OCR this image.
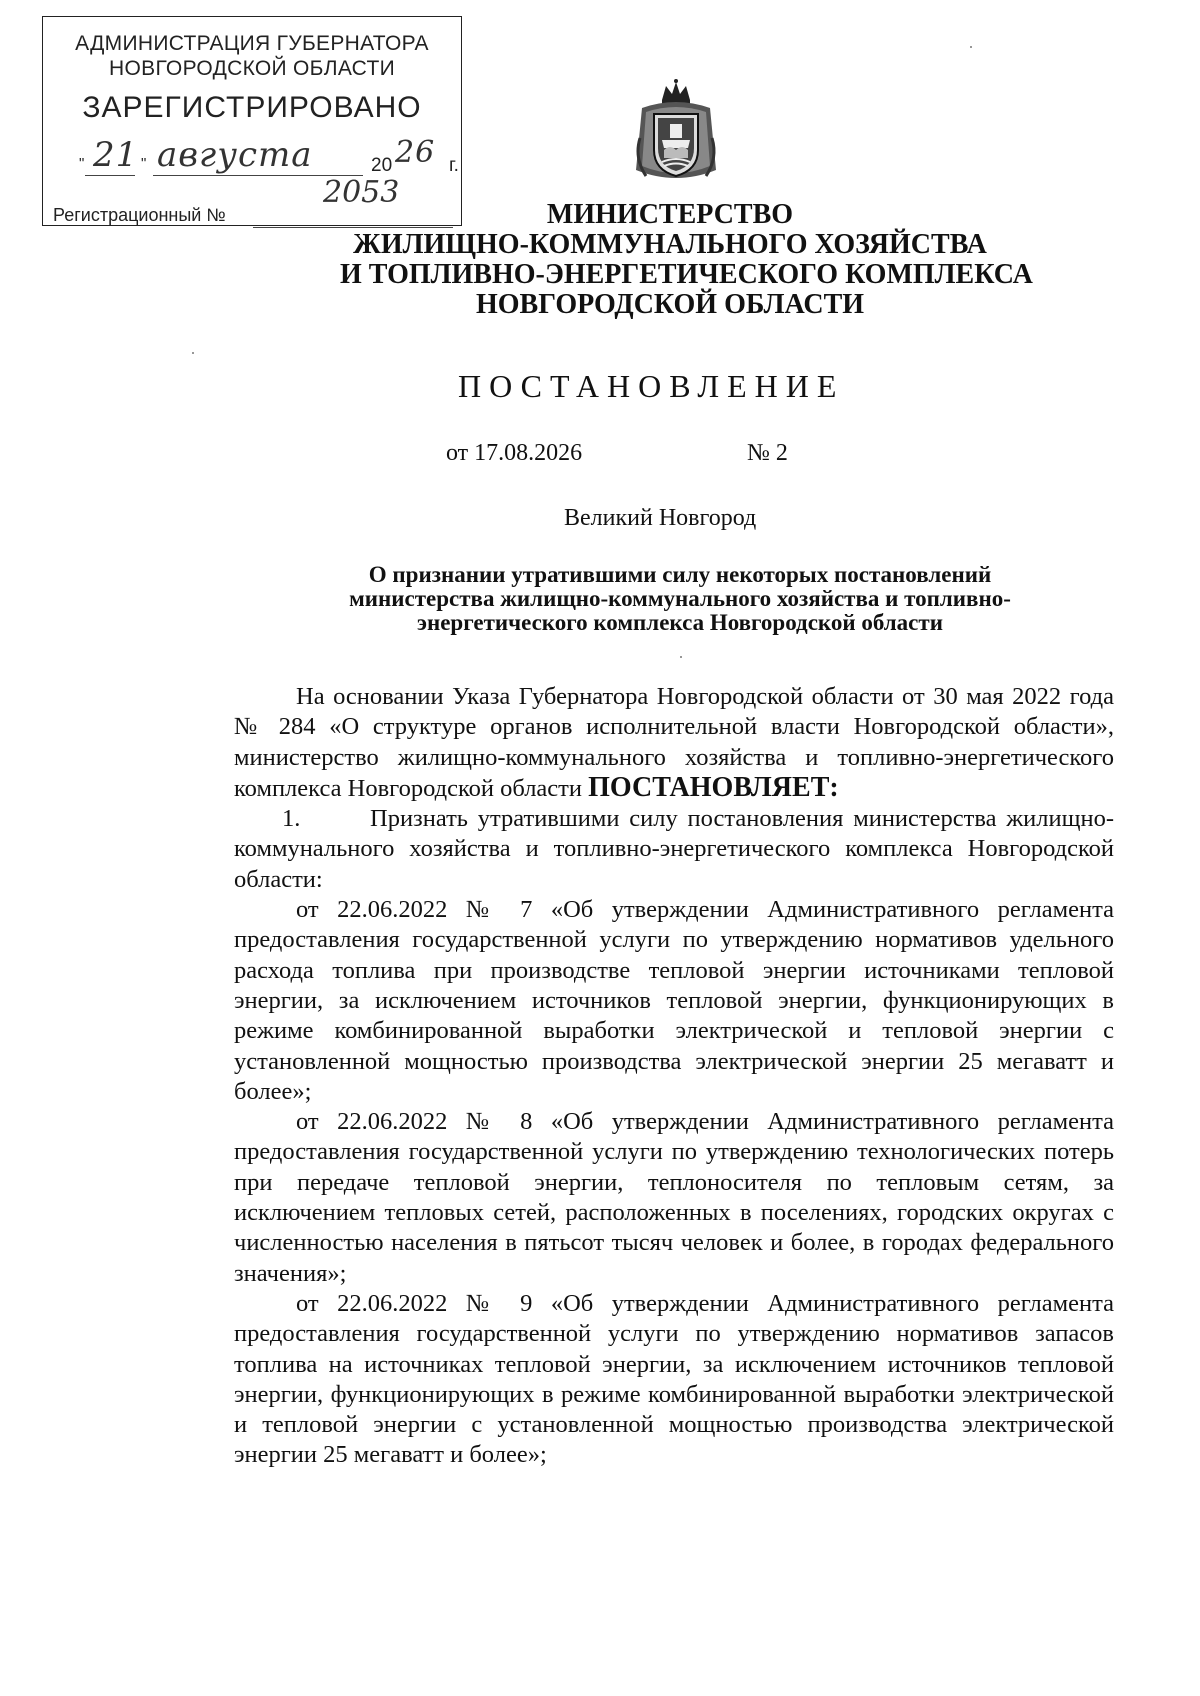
АДМИНИСТРАЦИЯ ГУБЕРНАТОРА
НОВГОРОДСКОЙ ОБЛАСТИ
ЗАРЕГИСТРИРОВАНО
" 21 " августа	20 26 г.
Регистрационный №
2053
МИНИСТЕРСТВО
ЖИЛИЩНО-КОММУНАЛЬНОГО ХОЗЯЙСТВА
И ТОПЛИВНО-ЭНЕРГЕТИЧЕСКОГО КОМПЛЕКСА
НОВГОРОДСКОЙ ОБЛАСТИ
ПОСТАНОВЛЕНИЕ
от 17.08.2026	№ 2
Великий Новгород
О признании утратившими силу некоторых постановлений
министерства жилищно-коммунального хозяйства и топливно-
энергетического комплекса Новгородской области

На основании Указа Губернатора Новгородской области от 30 мая 2022 года № 284 «О структуре органов исполнительной власти Новгородской области», министерство жилищно-коммунального хозяйства и топливно-энергетического комплекса Новгородской области ПОСТАНОВЛЯЕТ:

1.	Признать утратившими силу постановления министерства жилищно-коммунального хозяйства и топливно-энергетического комплекса Новгородской области:

от 22.06.2022 № 7 «Об утверждении Административного регламента предоставления государственной услуги по утверждению нормативов удельного расхода топлива при производстве тепловой энергии источниками тепловой энергии, за исключением источников тепловой энергии, функционирующих в режиме комбинированной выработки электрической и тепловой энергии с установленной мощностью производства электрической энергии 25 мегаватт и более»;

от 22.06.2022 № 8 «Об утверждении Административного регламента предоставления государственной услуги по утверждению технологических потерь при передаче тепловой энергии, теплоносителя по тепловым сетям, за исключением тепловых сетей, расположенных в поселениях, городских округах с численностью населения в пятьсот тысяч человек и более, в городах федерального значения»;

от 22.06.2022 № 9 «Об утверждении Административного регламента предоставления государственной услуги по утверждению нормативов запасов топлива на источниках тепловой энергии, за исключением источников тепловой энергии, функционирующих в режиме комбинированной выработки электрической и тепловой энергии с установленной мощностью производства электрической энергии 25 мегаватт и более»;
